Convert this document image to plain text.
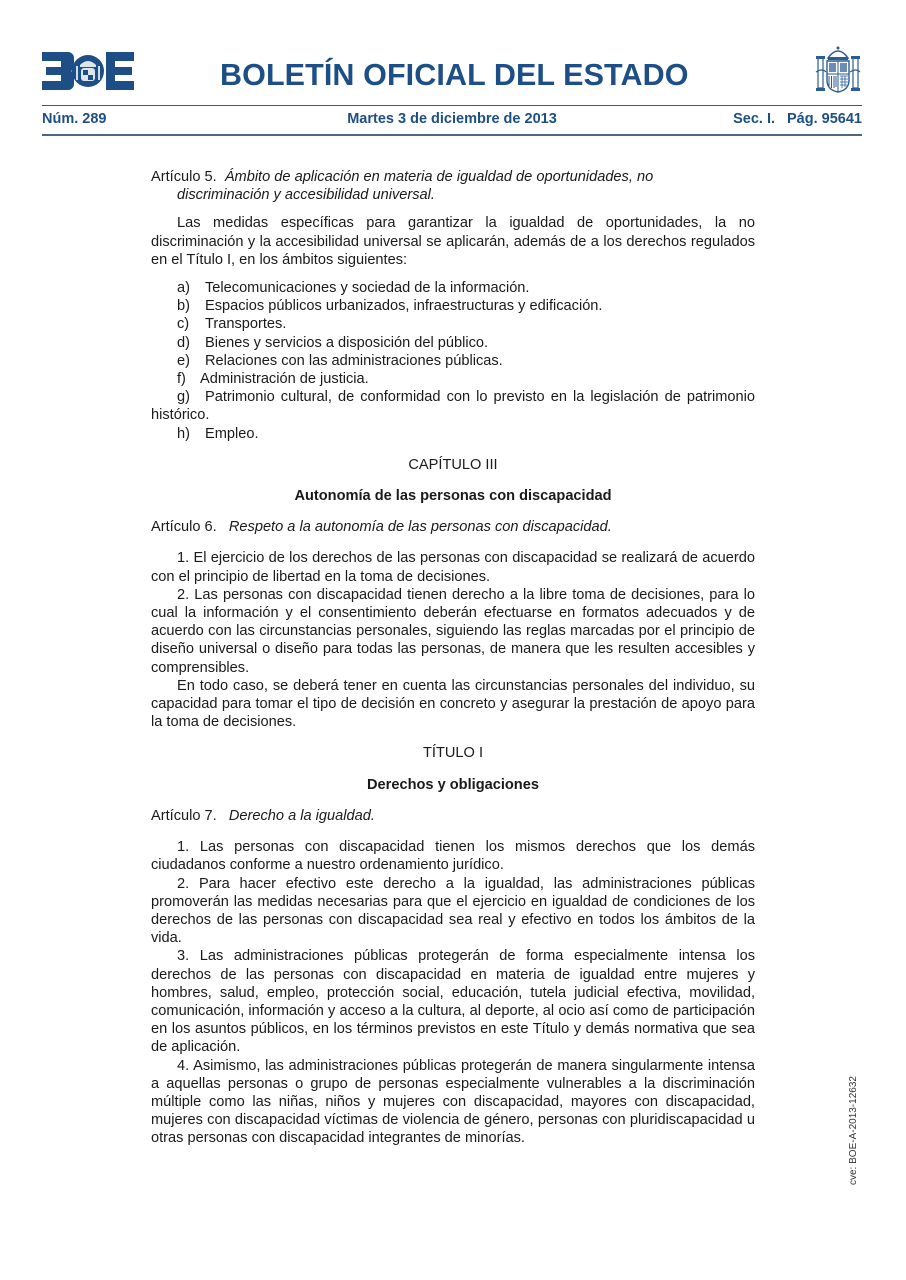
BOLETÍN OFICIAL DEL ESTADO
Núm. 289	Martes 3 de diciembre de 2013	Sec. I. Pág. 95641
Artículo 5. Ámbito de aplicación en materia de igualdad de oportunidades, no
discriminación y accesibilidad universal.

Las medidas específicas para garantizar la igualdad de oportunidades, la no discriminación y la accesibilidad universal se aplicarán, además de a los derechos regulados en el Título I, en los ámbitos siguientes:

a) Telecomunicaciones y sociedad de la información.

b) Espacios públicos urbanizados, infraestructuras y edificación.

c) Transportes.

d) Bienes y servicios a disposición del público.

e) Relaciones con las administraciones públicas.

f) Administración de justicia.

g) Patrimonio cultural, de conformidad con lo previsto en la legislación de patrimonio histórico.

h) Empleo.

CAPÍTULO III

Autonomía de las personas con discapacidad

Artículo 6. Respeto a la autonomía de las personas con discapacidad.

1. El ejercicio de los derechos de las personas con discapacidad se realizará de acuerdo con el principio de libertad en la toma de decisiones.

2. Las personas con discapacidad tienen derecho a la libre toma de decisiones, para lo cual la información y el consentimiento deberán efectuarse en formatos adecuados y de acuerdo con las circunstancias personales, siguiendo las reglas marcadas por el principio de diseño universal o diseño para todas las personas, de manera que les resulten accesibles y comprensibles.

En todo caso, se deberá tener en cuenta las circunstancias personales del individuo, su capacidad para tomar el tipo de decisión en concreto y asegurar la prestación de apoyo para la toma de decisiones.

TÍTULO I

Derechos y obligaciones

Artículo 7. Derecho a la igualdad.

1. Las personas con discapacidad tienen los mismos derechos que los demás ciudadanos conforme a nuestro ordenamiento jurídico.

2. Para hacer efectivo este derecho a la igualdad, las administraciones públicas promoverán las medidas necesarias para que el ejercicio en igualdad de condiciones de los derechos de las personas con discapacidad sea real y efectivo en todos los ámbitos de la vida.

3. Las administraciones públicas protegerán de forma especialmente intensa los derechos de las personas con discapacidad en materia de igualdad entre mujeres y hombres, salud, empleo, protección social, educación, tutela judicial efectiva, movilidad, comunicación, información y acceso a la cultura, al deporte, al ocio así como de participación en los asuntos públicos, en los términos previstos en este Título y demás normativa que sea de aplicación.

4. Asimismo, las administraciones públicas protegerán de manera singularmente intensa a aquellas personas o grupo de personas especialmente vulnerables a la discriminación múltiple como las niñas, niños y mujeres con discapacidad, mayores con discapacidad, mujeres con discapacidad víctimas de violencia de género, personas con pluridiscapacidad u otras personas con discapacidad integrantes de minorías.	cve: BOE-A-2013-12632
